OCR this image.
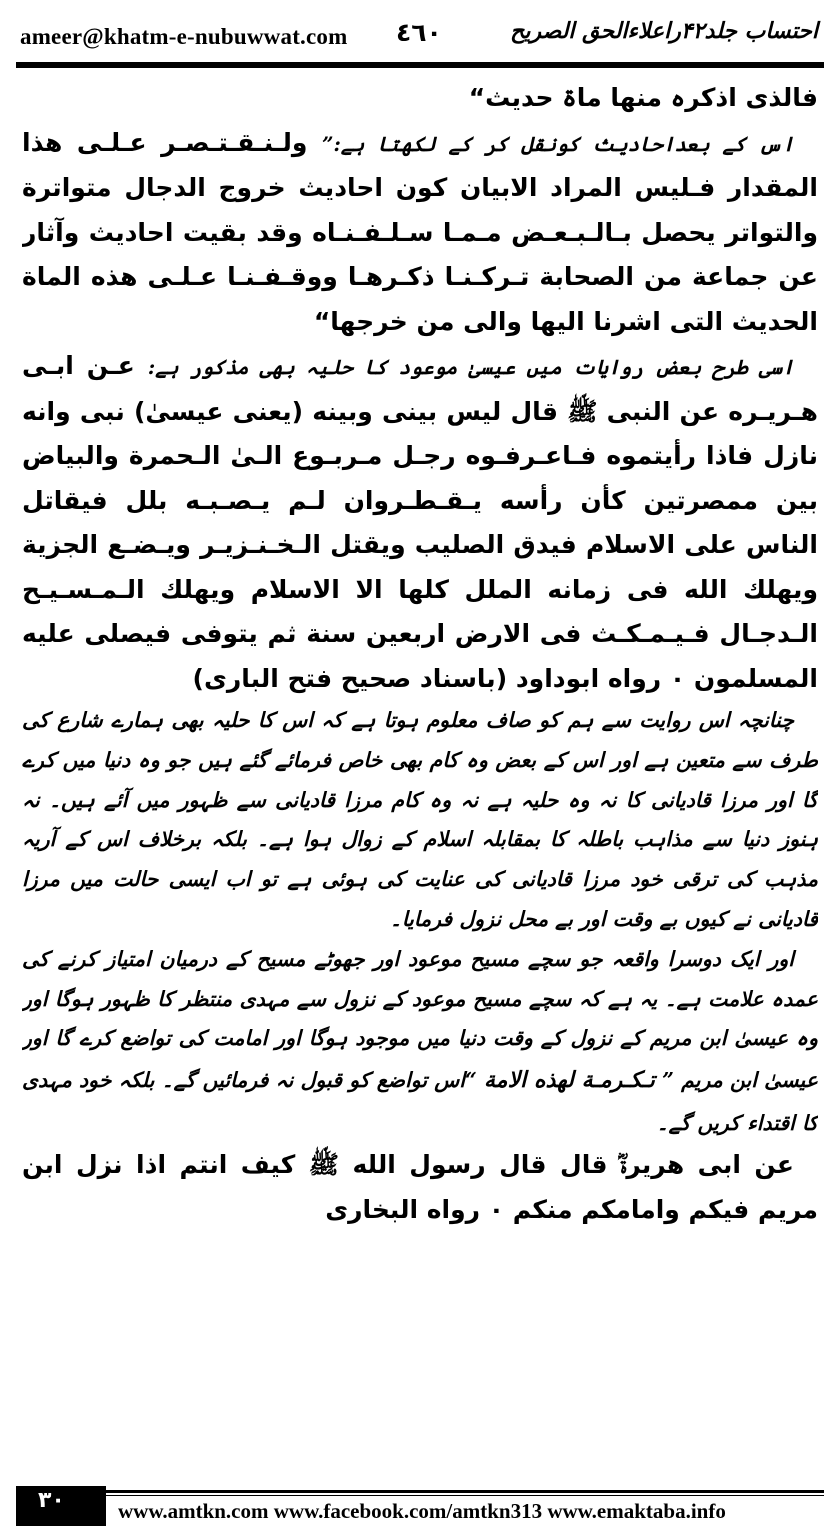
ameer@khatm-e-nubuwwat.com ٤٦٠	احتساب جلد۴۲راعلاءالحق الصریح

فالذی اذکرہ منها ماۃ حدیث“

اس کے بعداحادیث کونقل کر کے لکھتا ہے:” ولـنـقـتـصـر عـلـى هذا المقدار فـليس المراد الابيان كون احاديث خروج الدجال متواترة والتواتر يحصل بـالـبـعـض مـمـا سـلـفـنـاه وقد بقيت احاديث وآثار عن جماعة من الصحابة تـركـنـا ذكـرهـا ووقـفـنـا عـلـى هذه الماة الحديث التى اشرنا اليها والى من خرجها“

اسی طرح بعض روایات میں عیسیٰ موعود کا حلیہ بھی مذکور ہے: عـن ابـى هـريـره عن النبى ﷺ قال ليس بينى وبينه (يعنى عيسىٰ) نبى وانه نازل فاذا رأيتموه فـاعـرفـوه رجـل مـربـوع الـىٰ الـحمرة والبياض بين ممصرتين كأن رأسه يـقـطـروان لـم يـصـبـه بلل فيقاتل الناس على الاسلام فيدق الصليب ويقتل الـخـنـزيـر ويـضـع الجزية ويهلك الله فى زمانه الملل كلها الا الاسلام ويهلك الـمـسـيـح الـدجـال فـيـمـكـث فى الارض اربعين سنة ثم يتوفى فيصلى عليه المسلمون ۰ رواه ابوداود (باسناد صحيح فتح البارى)

چنانچہ اس روایت سے ہم کو صاف معلوم ہوتا ہے کہ اس کا حلیہ بھی ہمارے شارع کی طرف سے متعین ہے اور اس کے بعض وہ کام بھی خاص فرمائے گئے ہیں جو وہ دنیا میں کرے گا اور مرزا قادیانی کا نہ وہ حلیہ ہے نہ وہ کام مرزا قادیانی سے ظہور میں آئے ہیں۔ نہ ہنوز دنیا سے مذاہب باطلہ کا بمقابلہ اسلام کے زوال ہوا ہے۔ بلکہ برخلاف اس کے آریہ مذہب کی ترقی خود مرزا قادیانی کی عنایت کی ہوئی ہے تو اب ایسی حالت میں مرزا قادیانی نے کیوں بے وقت اور بے محل نزول فرمایا۔

اور ایک دوسرا واقعہ جو سچے مسیح موعود اور جھوٹے مسیح کے درمیان امتیاز کرنے کی عمدہ علامت ہے۔ یہ ہے کہ سچے مسیح موعود کے نزول سے مہدی منتظر کا ظہور ہوگا اور وہ عیسیٰ ابن مریم کے نزول کے وقت دنیا میں موجود ہوگا اور امامت کی تواضع کرے گا اور عیسیٰ ابن مریم ” تـكـرمـة لهذه الامة “اس تواضع کو قبول نہ فرمائیں گے۔ بلکہ خود مہدی کا اقتداء کریں گے۔

عن ابى هريرةؓ قال قال رسول الله ﷺ كيف انتم اذا نزل ابن مريم فيكم وامامكم منكم ۰ رواه البخارى

۳۰	www.amtkn.com www.facebook.com/amtkn313 www.emaktaba.info
